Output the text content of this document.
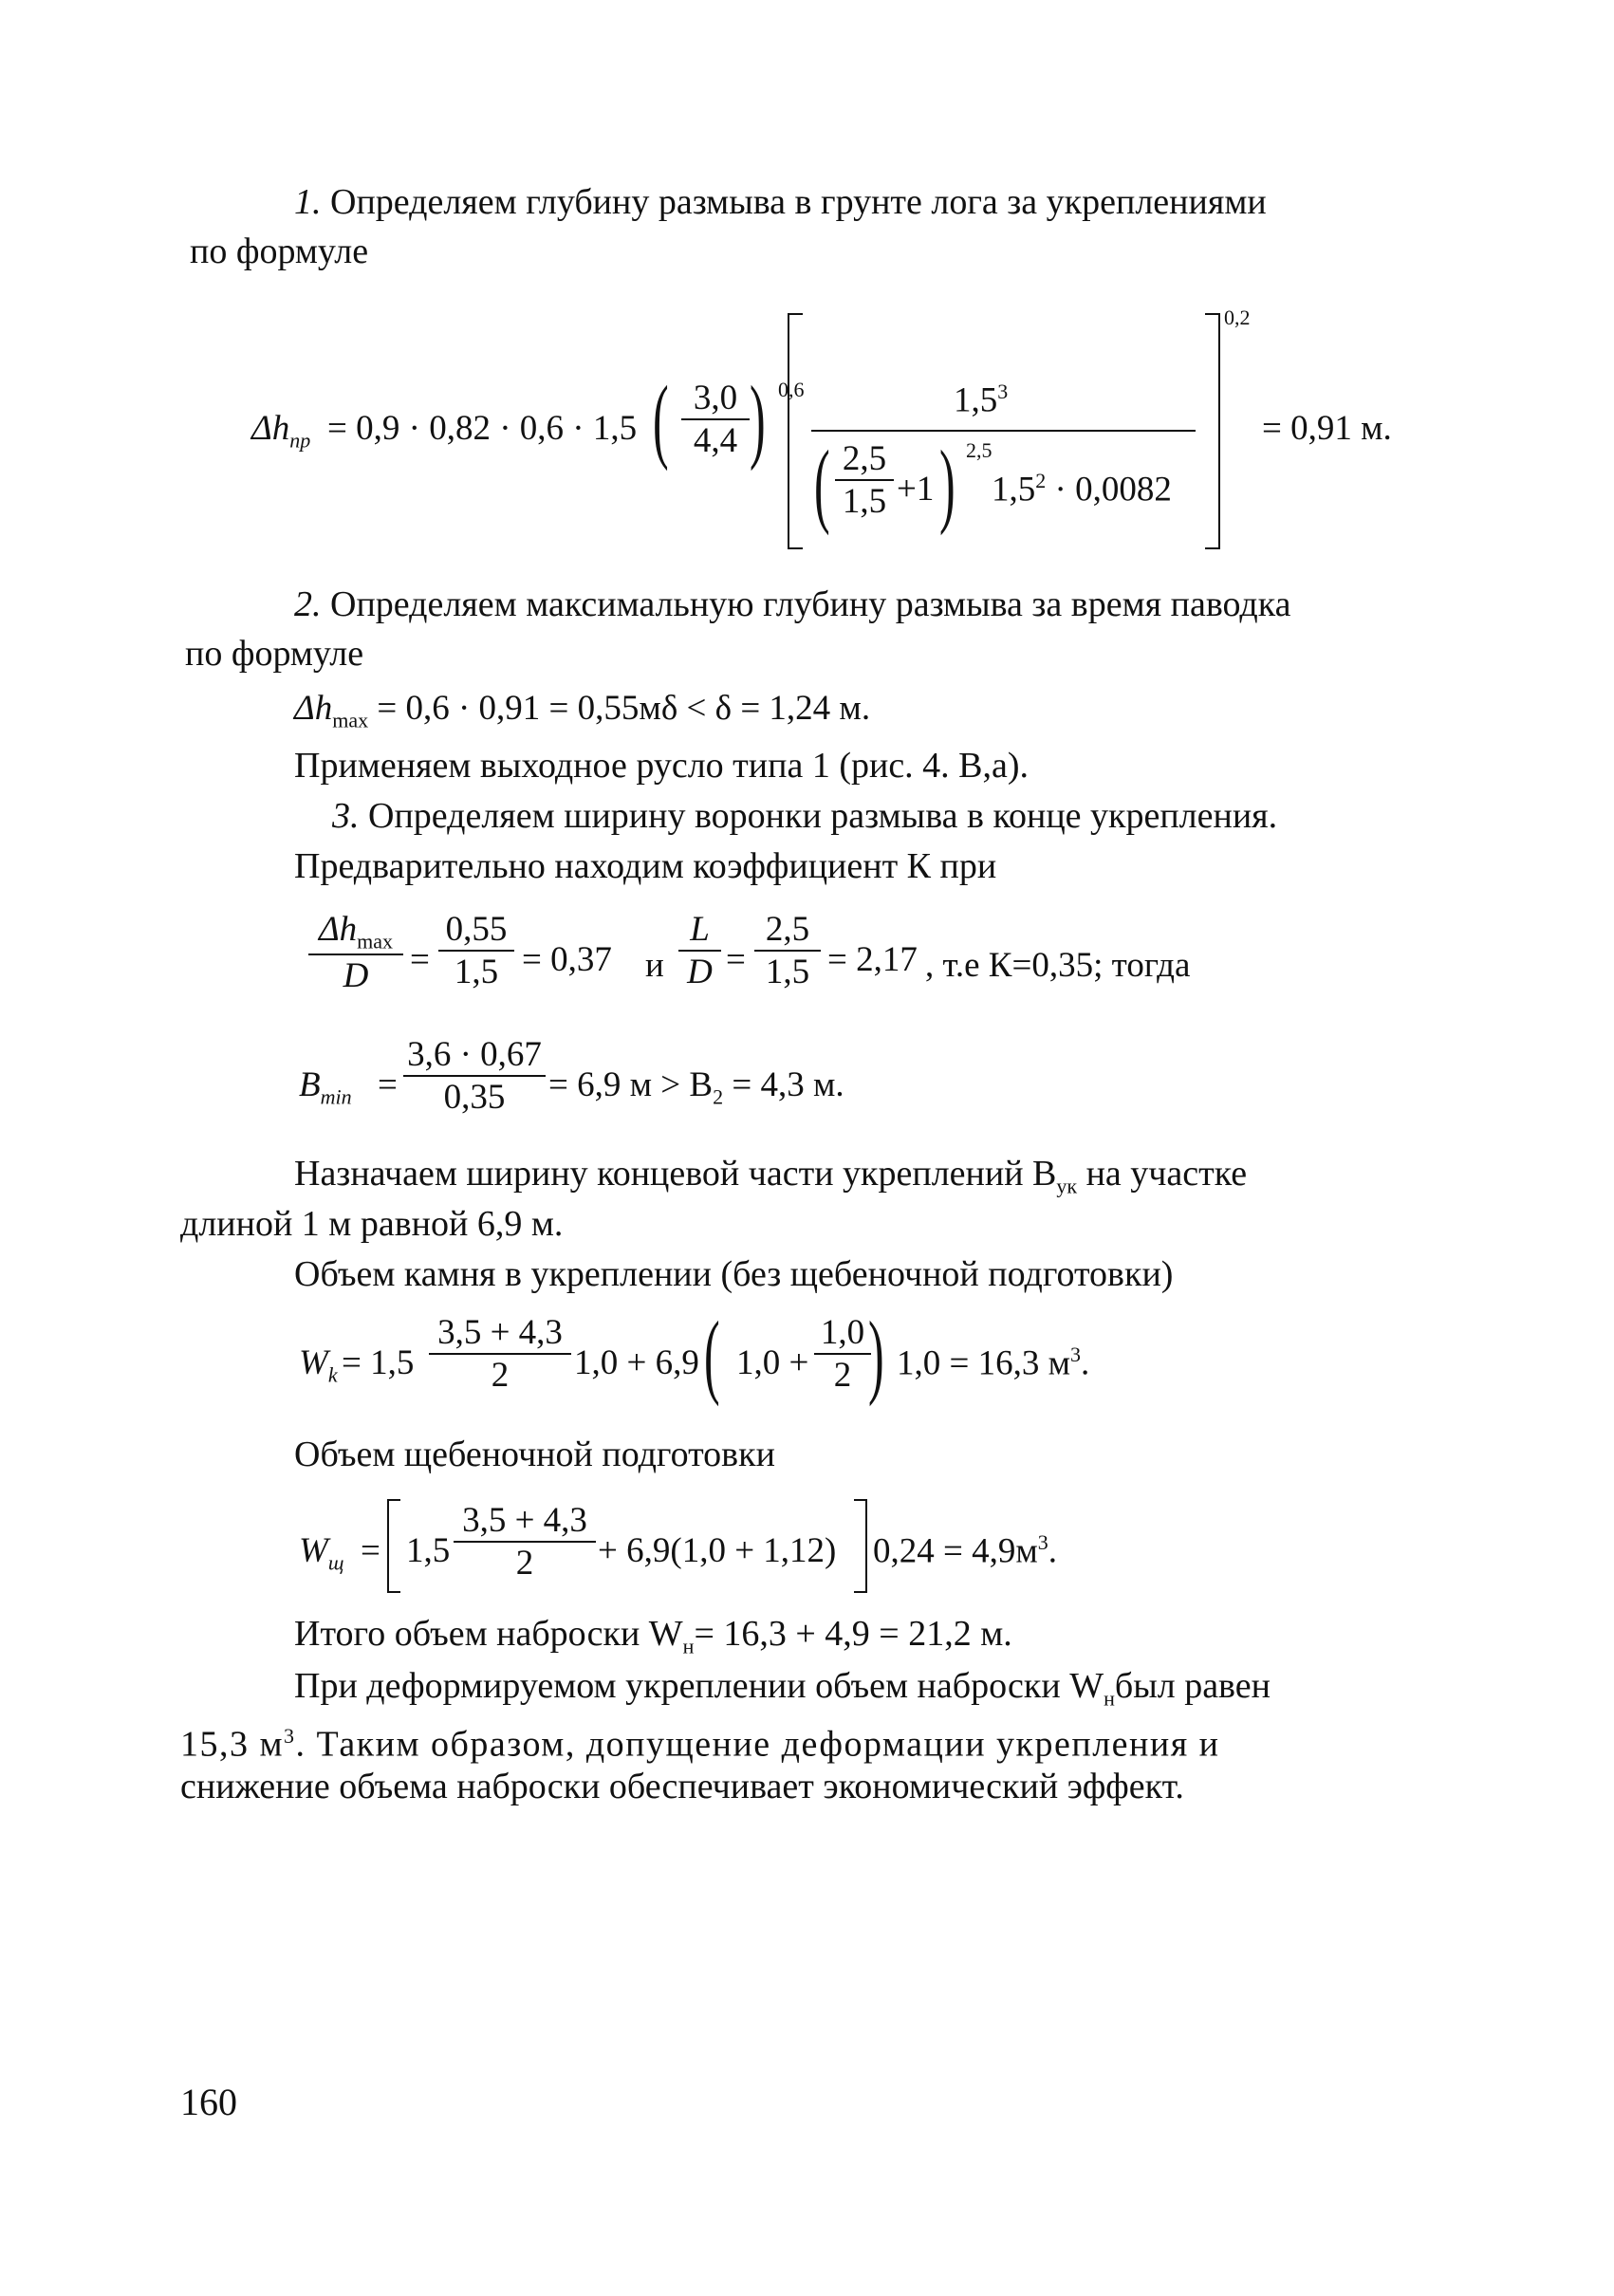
1. Определяем глубину размыва в грунте лога за укреплениями
по формуле
$\Delta h_{пр} = 0,9 \cdot 0,82 \cdot 0,6 \cdot 1,5$ ( 3,0
4,4 ) 0,6	$1,5^3$
( 2,5
1,5 +1 ) 2,5
$1,5^2 \cdot 0,0082$
0,2
= 0,91 м.
2. Определяем максимальную глубину размыва за время паводка
по формуле
$\Delta h_{max} = 0,6 \cdot 0,91 = 0,55м\delta < \delta = 1,24$ м.
Применяем выходное русло типа 1 (рис. 4. В,а).
3. Определяем ширину воронки размыва в конце укрепления.
Предварительно находим коэффициент К при
$\Delta h_{max}$
D	=
0,55
1,5 = 0,37 и
L
D =
2,5
1,5 = 2,17 , т.е К=0,35; тогда
$B_{min}$ =
3,6 · 0,67
0,35	= 6,9 $м > B_2 = 4,3$ м.
Назначаем ширину концевой части укреплений $В_{ук}$ на участке
длиной 1 м равной 6,9 м.
Объем камня в укреплении (без щебеночной подготовки)
$W_k = 1,5$
3,5 + 4,3
2	1,0 + 6,9 ( 1,0 +
1,0
2 ) 1,0 = 16,3 $м^3$.
Объем щебеночной подготовки
$W_щ = 1,5$
3,5 + 4,3
2	+ 6,9(1,0 + 1,12) $0,24 = 4,9м^3$.
Итого объем наброски $W_н= 16,3 + 4,9 = 21,2$ м.
При деформируемом укреплении объем наброски $W_нбыл$ равен
15,3 $м^3$. Таким образом, допущение деформации укрепления и
снижение объема наброски обеспечивает экономический эффект.
160
